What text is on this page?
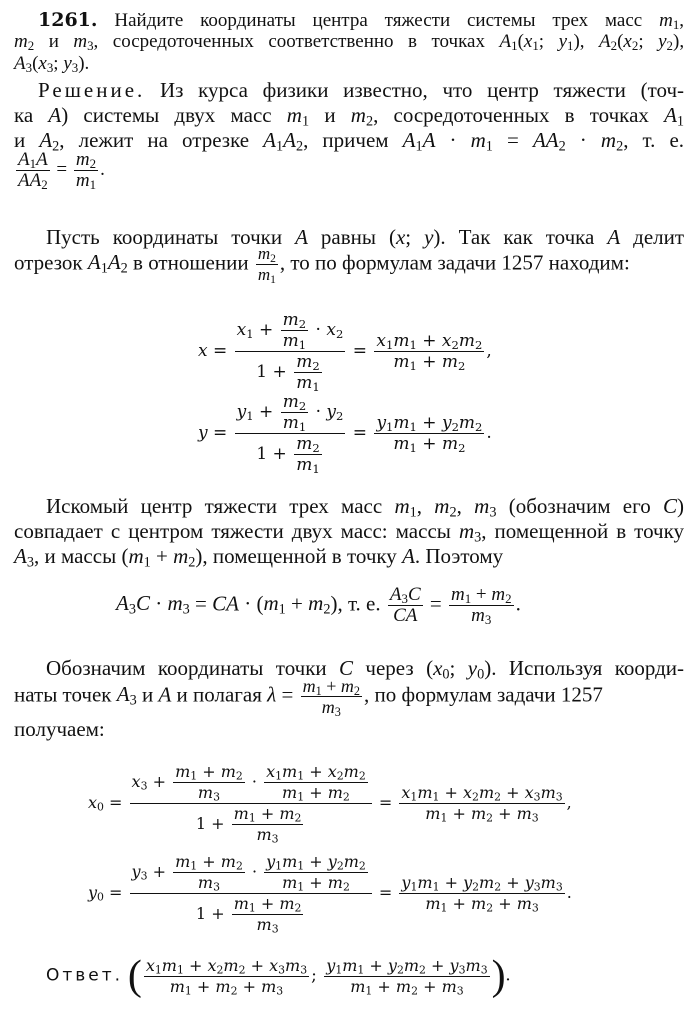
1261. Найдите координаты центра тяжести системы трех масс $m_1$,
$m_2$ и $m_3$, сосредоточенных соответственно в точках $A_1(x_1$; $y_1$), $A_2(x_2$; $y_2$),
$A_3(x_3$; $y_3$).
Решение. Из курса физики известно, что центр тяжести (точ-
ка A) системы двух масс $m_1$ и $m_2$, сосредоточенных в точках $A_1$
и $A_2$, лежит на отрезке $A_1A_2$, причем $A_1A \cdot m_1 = AA_2 \cdot m_2$, т. е.
$\frac{A_1A}{AA_2} = \frac{m_2}{m_1}$ .
Пусть координаты точки A равны (x; y). Так как точка A делит
отрезок $A_1A_2$ в отношении $\frac{m_2}{m_1}$ , то по формулам задачи 1257 находим:
$x = \frac{x_1 + \frac{m_2}{m_1} \cdot x_2}{1 + \frac{m_2}{m_1}} = \frac{x_1m_1 + x_2m_2}{m_1 + m_2}$ ,
$y = \frac{y_1 + \frac{m_2}{m_1} \cdot y_2}{1 + \frac{m_2}{m_1}} = \frac{y_1m_1 + y_2m_2}{m_1 + m_2}$ .
Искомый центр тяжести трех масс $m_1$, $m_2$, $m_3$ (обозначим его C)
совпадает с центром тяжести двух масс: массы $m_3$, помещенной в точку
$A_3$, и массы $(m_1 + m_2)$, помещенной в точку A. Поэтому
$A_3C \cdot m_3$ = CA · $(m_1 + m_2)$, т. е. $\frac{A_3C}{CA} = \frac{m_1 + m_2}{m_3}$ .
Обозначим координаты точки C через ($x_0$; $y_0$). Используя коорди-
наты точек $A_3$ и A и полагая $\lambda = \frac{m_1 + m_2}{m_3}$ , по формулам задачи 1257
получаем:
$x_0 = \frac{x_3 + \frac{m_1 + m_2}{m_3} \cdot \frac{x_1m_1 + x_2m_2}{m_1 + m_2}}{1 + \frac{m_1 + m_2}{m_3}} = \frac{x_1m_1 + x_2m_2 + x_3m_3}{m_1 + m_2 + m_3}$ ,
$y_0 = \frac{y_3 + \frac{m_1 + m_2}{m_3} \cdot \frac{y_1m_1 + y_2m_2}{m_1 + m_2}}{1 + \frac{m_1 + m_2}{m_3}} = \frac{y_1m_1 + y_2m_2 + y_3m_3}{m_1 + m_2 + m_3}$ .
Ответ. ( $\frac{x_1m_1 + x_2m_2 + x_3m_3}{m_1 + m_2 + m_3}$ ; $\frac{y_1m_1 + y_2m_2 + y_3m_3}{m_1 + m_2 + m_3}$ ).
